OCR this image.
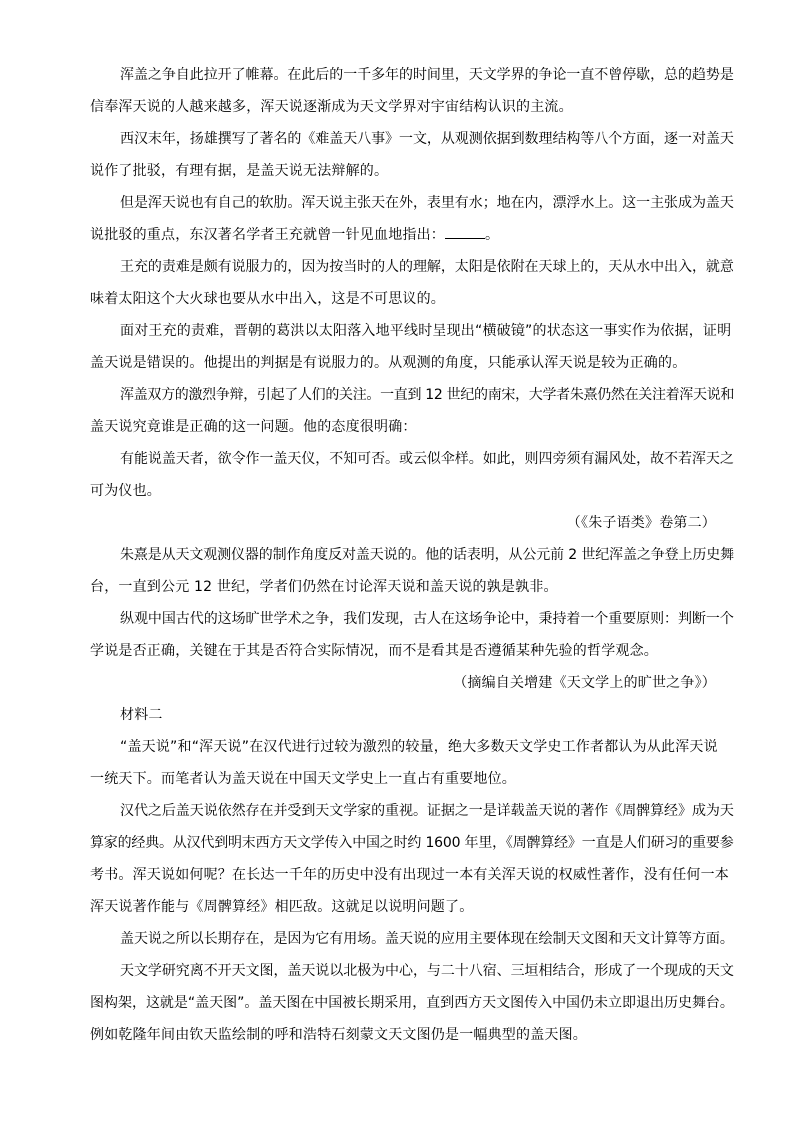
浑盖之争自此拉开了帷幕。在此后的一千多年的时间里，天文学界的争论一直不曾停歇，总的趋势是
信奉浑天说的人越来越多，浑天说逐渐成为天文学界对宇宙结构认识的主流。
西汉末年，扬雄撰写了著名的《难盖天八事》一文，从观测依据到数理结构等八个方面，逐一对盖天
说作了批驳，有理有据，是盖天说无法辩解的。
但是浑天说也有自己的软肋。浑天说主张天在外，表里有水；地在内，漂浮水上。这一主张成为盖天
说批驳的重点，东汉著名学者王充就曾一针见血地指出：	。
王充的责难是颇有说服力的，因为按当时的人的理解，太阳是依附在天球上的，天从水中出入，就意
味着太阳这个大火球也要从水中出入，这是不可思议的。
面对王充的责难，晋朝的葛洪以太阳落入地平线时呈现出“横破镜”的状态这一事实作为依据，证明
盖天说是错误的。他提出的判据是有说服力的。从观测的角度，只能承认浑天说是较为正确的。
浑盖双方的激烈争辩，引起了人们的关注。一直到 12 世纪的南宋，大学者朱熹仍然在关注着浑天说和
盖天说究竟谁是正确的这一问题。他的态度很明确：
有能说盖天者，欲令作一盖天仪，不知可否。或云似伞样。如此，则四旁须有漏风处，故不若浑天之
可为仪也。
（《朱子语类》卷第二）
朱熹是从天文观测仪器的制作角度反对盖天说的。他的话表明，从公元前 2 世纪浑盖之争登上历史舞
台，一直到公元 12 世纪，学者们仍然在讨论浑天说和盖天说的孰是孰非。
纵观中国古代的这场旷世学术之争，我们发现，古人在这场争论中，秉持着一个重要原则：判断一个
学说是否正确，关键在于其是否符合实际情况，而不是看其是否遵循某种先验的哲学观念。
（摘编自关增建《天文学上的旷世之争》）
材料二
“盖天说”和“浑天说”在汉代进行过较为激烈的较量，绝大多数天文学史工作者都认为从此浑天说
一统天下。而笔者认为盖天说在中国天文学史上一直占有重要地位。
汉代之后盖天说依然存在并受到天文学家的重视。证据之一是详载盖天说的著作《周髀算经》成为天
算家的经典。从汉代到明末西方天文学传入中国之时约 1600 年里，《周髀算经》一直是人们研习的重要参
考书。浑天说如何呢？在长达一千年的历史中没有出现过一本有关浑天说的权威性著作，没有任何一本
浑天说著作能与《周髀算经》相匹敌。这就足以说明问题了。
盖天说之所以长期存在，是因为它有用场。盖天说的应用主要体现在绘制天文图和天文计算等方面。
天文学研究离不开天文图，盖天说以北极为中心，与二十八宿、三垣相结合，形成了一个现成的天文
图构架，这就是“盖天图”。盖天图在中国被长期采用，直到西方天文图传入中国仍未立即退出历史舞台。
例如乾隆年间由钦天监绘制的呼和浩特石刻蒙文天文图仍是一幅典型的盖天图。
